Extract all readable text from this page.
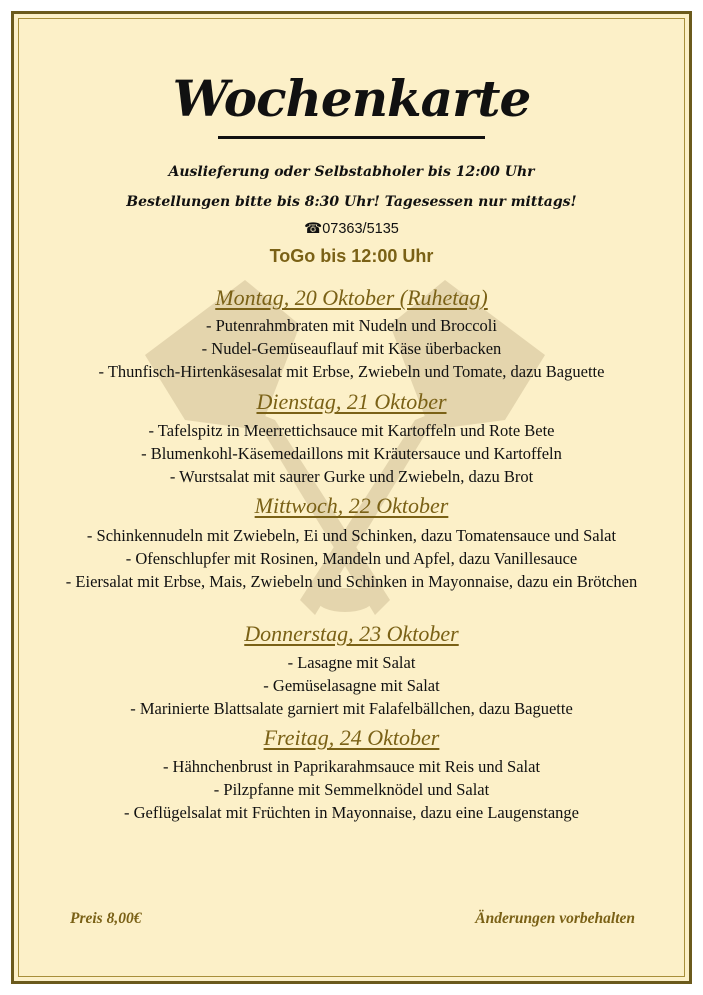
Wochenkarte
Auslieferung oder Selbstabholer bis 12:00 Uhr
Bestellungen bitte bis 8:30 Uhr! Tagesessen nur mittags!
☎07363/5135
ToGo bis 12:00 Uhr
Montag, 20 Oktober (Ruhetag)
- Putenrahmbraten mit Nudeln und Broccoli
- Nudel-Gemüseauflauf mit Käse überbacken
- Thunfisch-Hirtenkäsesalat mit Erbse, Zwiebeln und Tomate, dazu Baguette
Dienstag, 21 Oktober
- Tafelspitz in Meerrettichsauce mit Kartoffeln und Rote Bete
- Blumenkohl-Käsemedaillons mit Kräutersauce und Kartoffeln
- Wurstsalat mit saurer Gurke und Zwiebeln, dazu Brot
Mittwoch, 22 Oktober
- Schinkennudeln mit Zwiebeln, Ei und Schinken, dazu Tomatensauce und Salat
- Ofenschlupfer mit Rosinen, Mandeln und Apfel, dazu Vanillesauce
- Eiersalat mit Erbse, Mais, Zwiebeln und Schinken in Mayonnaise, dazu ein Brötchen
Donnerstag, 23 Oktober
- Lasagne mit Salat
- Gemüselasagne mit Salat
- Marinierte Blattsalate garniert mit Falafelbällchen, dazu Baguette
Freitag, 24 Oktober
- Hähnchenbrust in Paprikarahmsauce mit Reis und Salat
- Pilzpfanne mit Semmelknödel und Salat
- Geflügelsalat mit Früchten in Mayonnaise, dazu eine Laugenstange
Preis 8,00€	Änderungen vorbehalten
